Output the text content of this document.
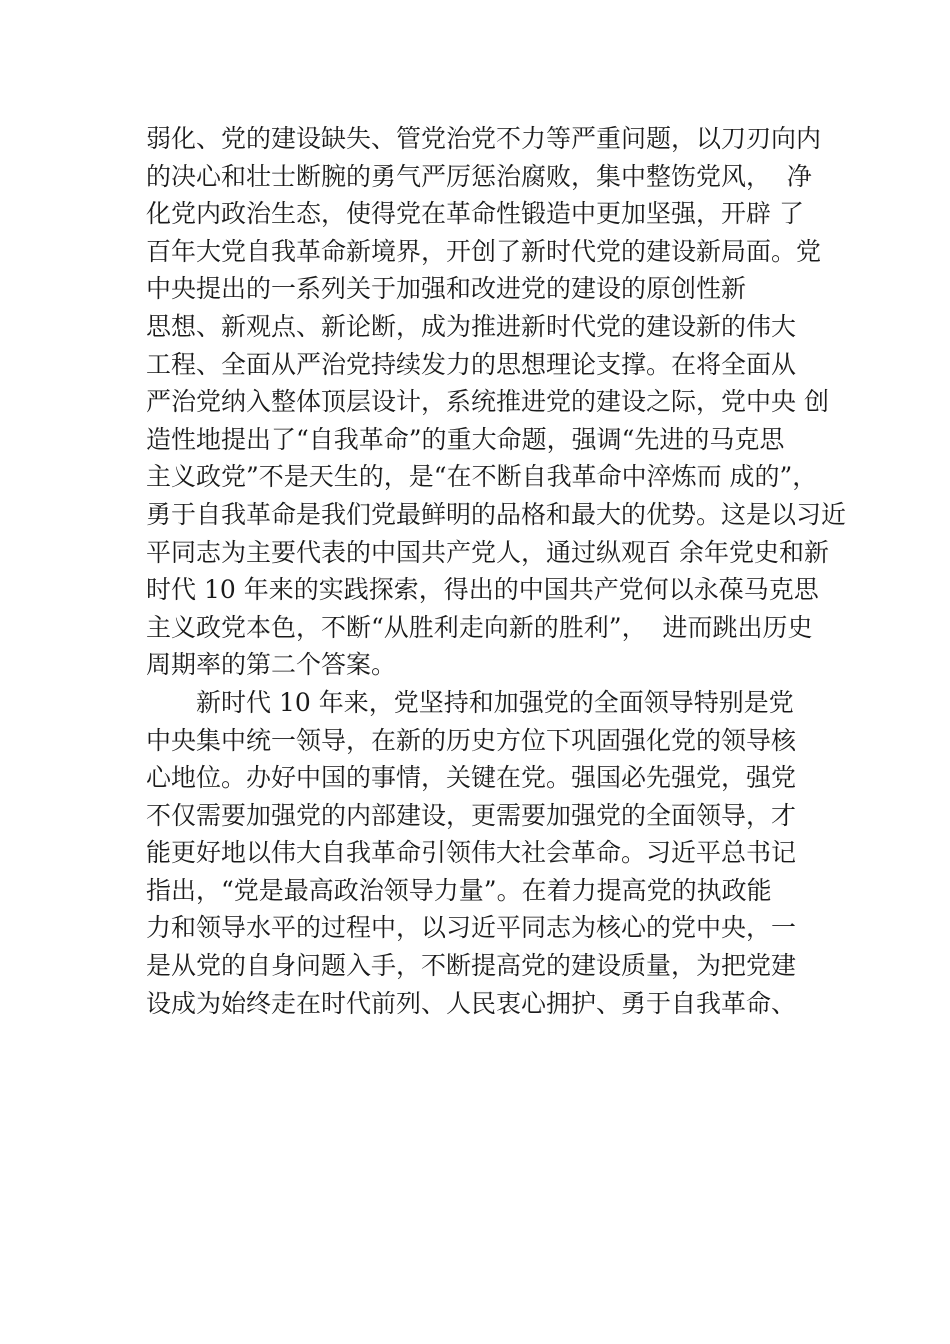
弱化、党的建设缺失、管党治党不力等严重问题，以刀刃向内
的决心和壮士断腕的勇气严厉惩治腐败，集中整饬党风，  净
化党内政治生态，使得党在革命性锻造中更加坚强，开辟 了
百年大党自我革命新境界，开创了新时代党的建设新局面。党
中央提出的一系列关于加强和改进党的建设的原创性新
思想、新观点、新论断，成为推进新时代党的建设新的伟大
工程、全面从严治党持续发力的思想理论支撑。在将全面从
严治党纳入整体顶层设计，系统推进党的建设之际，党中央 创
造性地提出了“自我革命”的重大命题，强调“先进的马克思
主义政党”不是天生的，是“在不断自我革命中淬炼而 成的”，
勇于自我革命是我们党最鲜明的品格和最大的优势。这是以习近
平同志为主要代表的中国共产党人，通过纵观百 余年党史和新
时代 10 年来的实践探索，得出的中国共产党何以永葆马克思
主义政党本色，不断“从胜利走向新的胜利”，  进而跳出历史
周期率的第二个答案。
新时代 10 年来，党坚持和加强党的全面领导特别是党
中央集中统一领导，在新的历史方位下巩固强化党的领导核
心地位。办好中国的事情，关键在党。强国必先强党，强党
不仅需要加强党的内部建设，更需要加强党的全面领导，才
能更好地以伟大自我革命引领伟大社会革命。习近平总书记
指出，“党是最高政治领导力量”。在着力提高党的执政能
力和领导水平的过程中，以习近平同志为核心的党中央，一
是从党的自身问题入手，不断提高党的建设质量，为把党建
设成为始终走在时代前列、人民衷心拥护、勇于自我革命、
